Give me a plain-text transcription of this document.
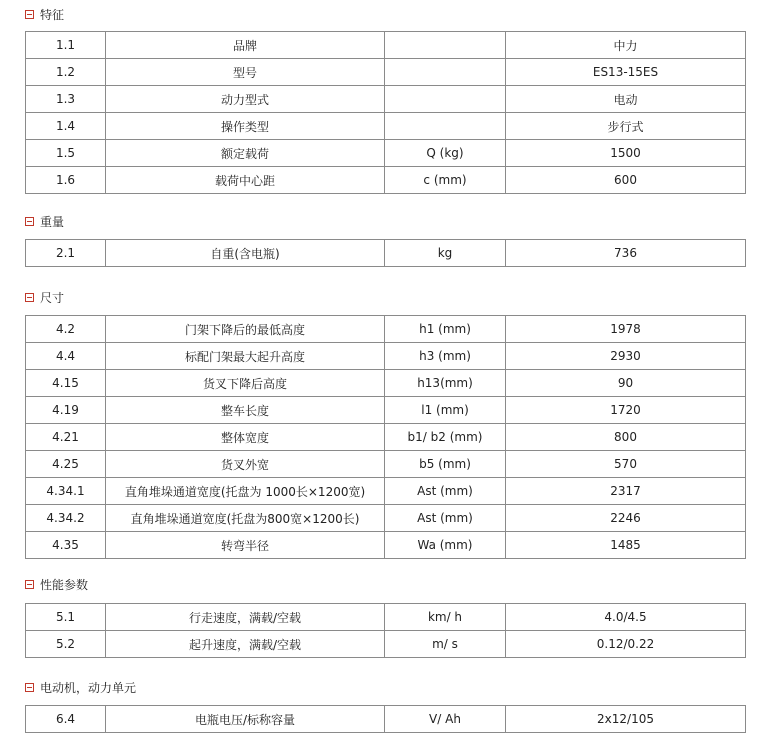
特征
1.1	品牌		中力
1.2	型号		ES13-15ES
1.3	动力型式		电动
1.4	操作类型		步行式
1.5	额定载荷	Q (kg)	1500
1.6	载荷中心距	c (mm)	600
重量
2.1	自重(含电瓶)	kg	736
尺寸
4.2	门架下降后的最低高度	h1 (mm)	1978
4.4	标配门架最大起升高度	h3 (mm)	2930
4.15	货叉下降后高度	h13(mm)	90
4.19	整车长度	l1 (mm)	1720
4.21	整体宽度	b1/ b2 (mm)	800
4.25	货叉外宽	b5 (mm)	570
4.34.1	直角堆垛通道宽度(托盘为 1000长×1200宽)	Ast (mm)	2317
4.34.2	直角堆垛通道宽度(托盘为800宽×1200长)	Ast (mm)	2246
4.35	转弯半径	Wa (mm)	1485
性能参数
5.1	行走速度，满载/空载	km/ h	4.0/4.5
5.2	起升速度，满载/空载	m/ s	0.12/0.22
电动机，动力单元
6.4	电瓶电压/标称容量	V/ Ah	2x12/105
